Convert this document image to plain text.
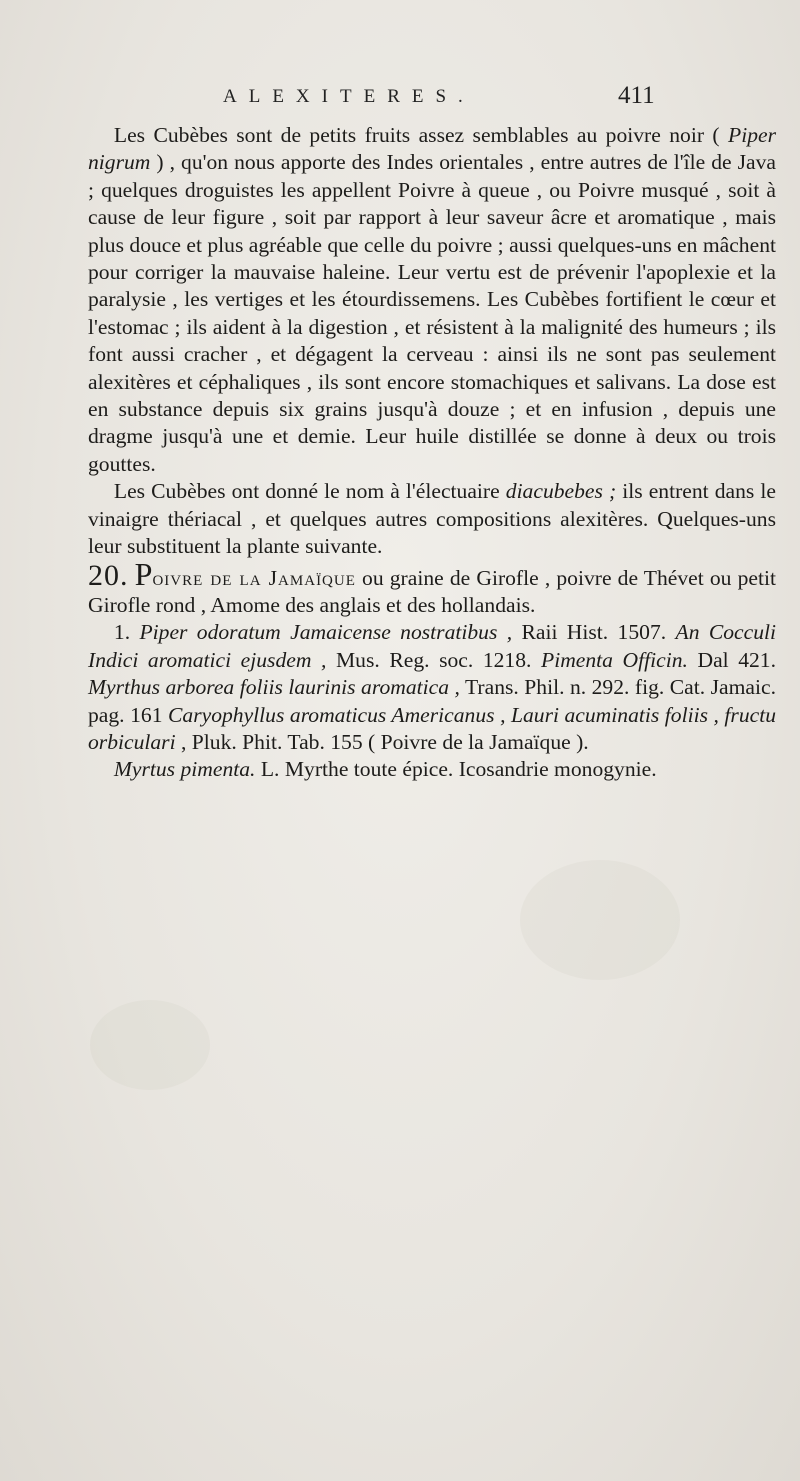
ALEXITERES.	411

Les Cubèbes sont de petits fruits assez semblables au poivre noir ( Piper nigrum ) , qu'on nous apporte des Indes orientales , entre autres de l'île de Java ; quelques droguistes les appellent Poivre à queue , ou Poivre musqué , soit à cause de leur figure , soit par rapport à leur saveur âcre et aromatique , mais plus douce et plus agréable que celle du poivre ; aussi quelques-uns en mâchent pour corriger la mauvaise haleine. Leur vertu est de prévenir l'apoplexie et la paralysie , les vertiges et les étourdissemens. Les Cubèbes fortifient le cœur et l'estomac ; ils aident à la digestion , et résistent à la malignité des humeurs ; ils font aussi cracher , et dégagent la cerveau : ainsi ils ne sont pas seulement alexitères et céphaliques , ils sont encore stomachiques et salivans. La dose est en substance depuis six grains jusqu'à douze ; et en infusion , depuis une dragme jusqu'à une et demie. Leur huile distillée se donne à deux ou trois gouttes.

Les Cubèbes ont donné le nom à l'électuaire diacubebes ; ils entrent dans le vinaigre thériacal , et quelques autres compositions alexitères. Quelques-uns leur substituent la plante suivante.

20. Poivre de la Jamaïque ou graine de Girofle , poivre de Thévet ou petit Girofle rond , Amome des anglais et des hollandais.

1. Piper odoratum Jamaicense nostratibus , Raii Hist. 1507. An Cocculi Indici aromatici ejusdem , Mus. Reg. soc. 1218. Pimenta Officin. Dal 421. Myrthus arborea foliis laurinis aromatica , Trans. Phil. n. 292. fig. Cat. Jamaic. pag. 161 Caryophyllus aromaticus Americanus , Lauri acuminatis foliis , fructu orbiculari , Pluk. Phit. Tab. 155 ( Poivre de la Jamaïque ).

Myrtus pimenta. L. Myrthe toute épice. Icosandrie monogynie.
